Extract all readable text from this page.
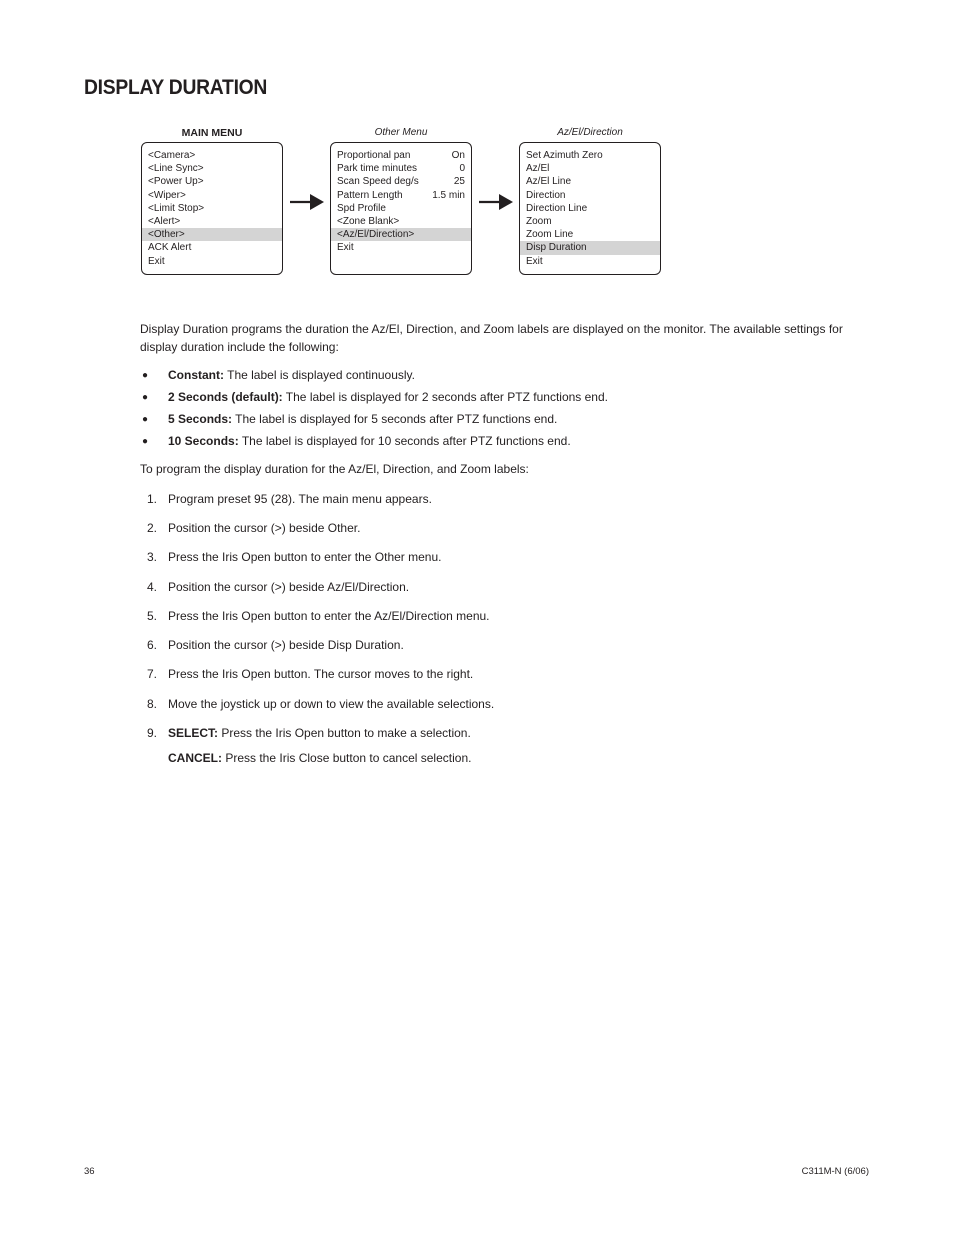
DISPLAY DURATION
MAIN MENU
<Camera>
<Line Sync>
<Power Up>
<Wiper>
<Limit Stop>
<Alert>
<Other>
ACK Alert
Exit
Other Menu
Proportional pan	On
Park time minutes	0
Scan Speed deg/s	25
Pattern Length	1.5 min
Spd Profile
<Zone Blank>
<Az/El/Direction>
Exit
Az/El/Direction
Set Azimuth Zero
Az/El
Az/El Line
Direction
Direction Line
Zoom
Zoom Line
Disp Duration
Exit
Display Duration programs the duration the Az/El, Direction, and Zoom labels are displayed on the monitor. The available settings for display duration include the following:
● Constant: The label is displayed continuously.
● 2 Seconds (default): The label is displayed for 2 seconds after PTZ functions end.
● 5 Seconds: The label is displayed for 5 seconds after PTZ functions end.
● 10 Seconds: The label is displayed for 10 seconds after PTZ functions end.
To program the display duration for the Az/El, Direction, and Zoom labels:
1. Program preset 95 (28). The main menu appears.
2. Position the cursor (>) beside Other.
3. Press the Iris Open button to enter the Other menu.
4. Position the cursor (>) beside Az/El/Direction.
5. Press the Iris Open button to enter the Az/El/Direction menu.
6. Position the cursor (>) beside Disp Duration.
7. Press the Iris Open button. The cursor moves to the right.
8. Move the joystick up or down to view the available selections.
9. SELECT: Press the Iris Open button to make a selection.
CANCEL: Press the Iris Close button to cancel selection.
36	C311M-N (6/06)
